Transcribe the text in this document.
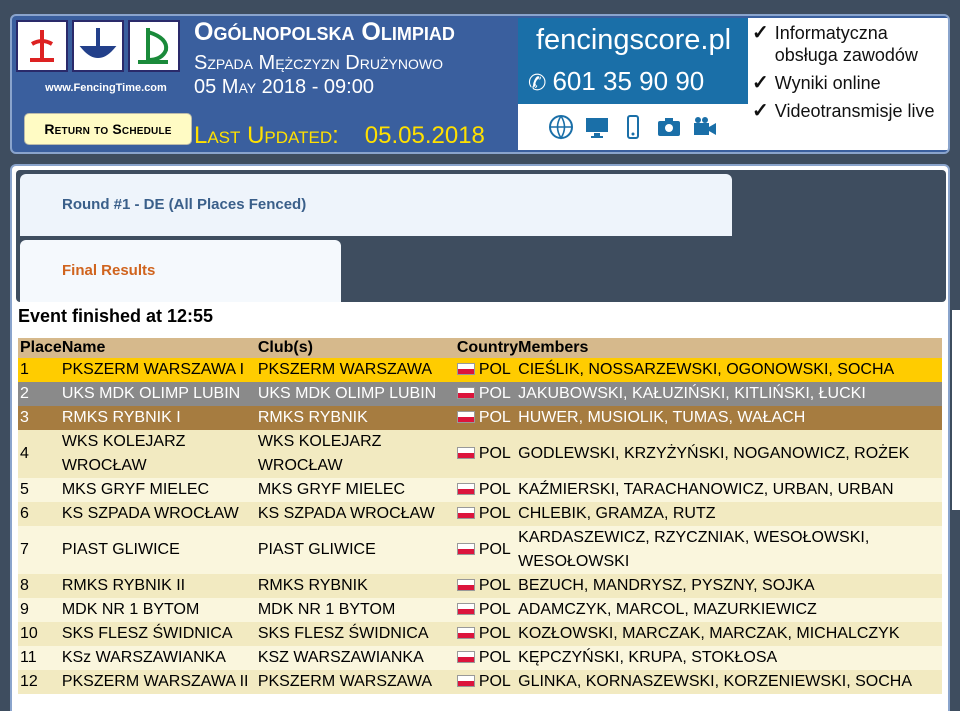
www.FencingTime.com
Return to Schedule
Ogólnopolska Olimpiad
Szpada Mężczyzn Drużynowo
05 May 2018 - 09:00
Last Updated: 05.05.2018
fencingscore.pl
✆ 601 35 90 90
✓ Informatyczna obsługa zawodów
✓ Wyniki online
✓ Videotransmisje live
Round #1 - DE (All Places Fenced)
Final Results
Event finished at 12:55
Place	Name	Club(s)	Country	Members
1	PKSZERM WARSZAWA I	PKSZERM WARSZAWA	POL	CIEŚLIK, NOSSARZEWSKI, OGONOWSKI, SOCHA
2	UKS MDK OLIMP LUBIN	UKS MDK OLIMP LUBIN	POL	JAKUBOWSKI, KAŁUZIŃSKI, KITLIŃSKI, ŁUCKI
3	RMKS RYBNIK I	RMKS RYBNIK	POL	HUWER, MUSIOLIK, TUMAS, WAŁACH
4	WKS KOLEJARZ WROCŁAW	WKS KOLEJARZ WROCŁAW	POL	GODLEWSKI, KRZYŻYŃSKI, NOGANOWICZ, ROŻEK
5	MKS GRYF MIELEC	MKS GRYF MIELEC	POL	KAŹMIERSKI, TARACHANOWICZ, URBAN, URBAN
6	KS SZPADA WROCŁAW	KS SZPADA WROCŁAW	POL	CHLEBIK, GRAMZA, RUTZ
7	PIAST GLIWICE	PIAST GLIWICE	POL	KARDASZEWICZ, RZYCZNIAK, WESOŁOWSKI, WESOŁOWSKI
8	RMKS RYBNIK II	RMKS RYBNIK	POL	BEZUCH, MANDRYSZ, PYSZNY, SOJKA
9	MDK NR 1 BYTOM	MDK NR 1 BYTOM	POL	ADAMCZYK, MARCOL, MAZURKIEWICZ
10	SKS FLESZ ŚWIDNICA	SKS FLESZ ŚWIDNICA	POL	KOZŁOWSKI, MARCZAK, MARCZAK, MICHALCZYK
11	KSz WARSZAWIANKA	KSZ WARSZAWIANKA	POL	KĘPCZYŃSKI, KRUPA, STOKŁOSA
12	PKSZERM WARSZAWA II	PKSZERM WARSZAWA	POL	GLINKA, KORNASZEWSKI, KORZENIEWSKI, SOCHA
